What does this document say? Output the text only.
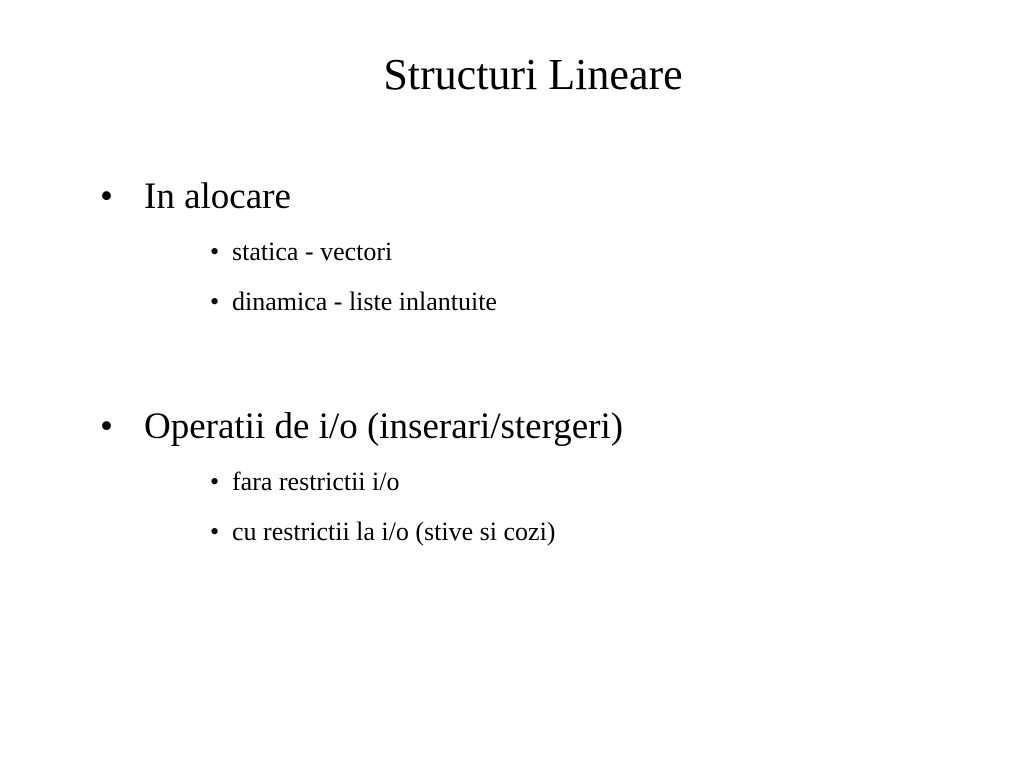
Structuri Lineare
• In alocare
• statica - vectori
• dinamica - liste inlantuite
• Operatii de i/o (inserari/stergeri)
• fara restrictii i/o
• cu restrictii la i/o (stive si cozi)
